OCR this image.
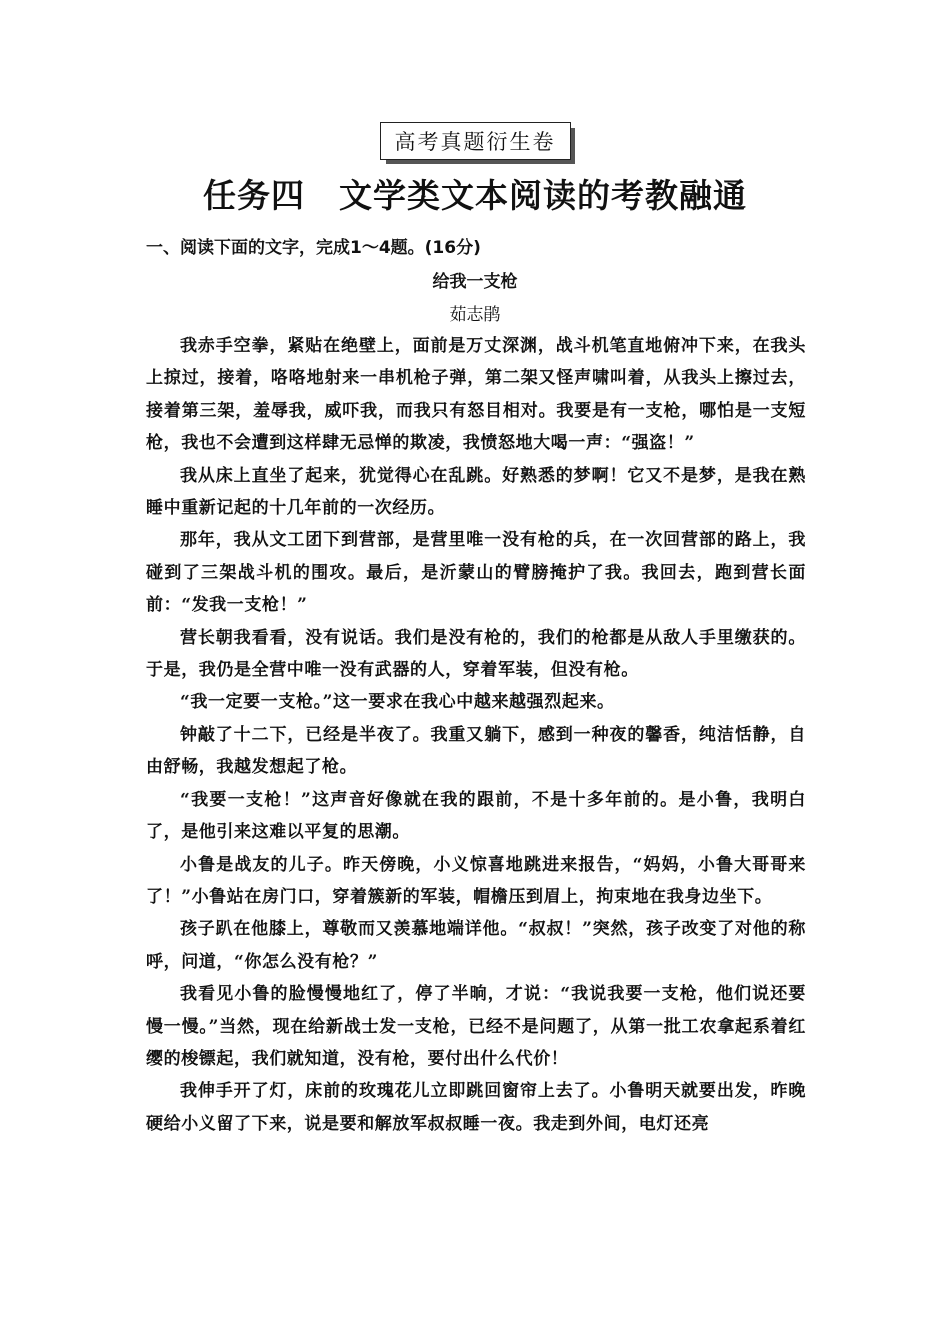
高考真题衍生卷
任务四　文学类文本阅读的考教融通
一、阅读下面的文字，完成1～4题。(16分)
给我一支枪
茹志鹃

我赤手空拳，紧贴在绝壁上，面前是万丈深渊，战斗机笔直地俯冲下来，在我头上掠过，接着，咯咯地射来一串机枪子弹，第二架又怪声啸叫着，从我头上擦过去，接着第三架，羞辱我，威吓我，而我只有怒目相对。我要是有一支枪，哪怕是一支短枪，我也不会遭到这样肆无忌惮的欺凌，我愤怒地大喝一声：“强盗！”

我从床上直坐了起来，犹觉得心在乱跳。好熟悉的梦啊！它又不是梦，是我在熟睡中重新记起的十几年前的一次经历。

那年，我从文工团下到营部，是营里唯一没有枪的兵，在一次回营部的路上，我碰到了三架战斗机的围攻。最后，是沂蒙山的臂膀掩护了我。我回去，跑到营长面前：“发我一支枪！”

营长朝我看看，没有说话。我们是没有枪的，我们的枪都是从敌人手里缴获的。于是，我仍是全营中唯一没有武器的人，穿着军装，但没有枪。

“我一定要一支枪。”这一要求在我心中越来越强烈起来。

钟敲了十二下，已经是半夜了。我重又躺下，感到一种夜的馨香，纯洁恬静，自由舒畅，我越发想起了枪。

“我要一支枪！”这声音好像就在我的跟前，不是十多年前的。是小鲁，我明白了，是他引来这难以平复的思潮。

小鲁是战友的儿子。昨天傍晚，小义惊喜地跳进来报告，“妈妈，小鲁大哥哥来了！”小鲁站在房门口，穿着簇新的军装，帽檐压到眉上，拘束地在我身边坐下。

孩子趴在他膝上，尊敬而又羡慕地端详他。“叔叔！”突然，孩子改变了对他的称呼，问道，“你怎么没有枪？”

我看见小鲁的脸慢慢地红了，停了半晌，才说：“我说我要一支枪，他们说还要慢一慢。”当然，现在给新战士发一支枪，已经不是问题了，从第一批工农拿起系着红缨的梭镖起，我们就知道，没有枪，要付出什么代价！

我伸手开了灯，床前的玫瑰花儿立即跳回窗帘上去了。小鲁明天就要出发，昨晚硬给小义留了下来，说是要和解放军叔叔睡一夜。我走到外间，电灯还亮
